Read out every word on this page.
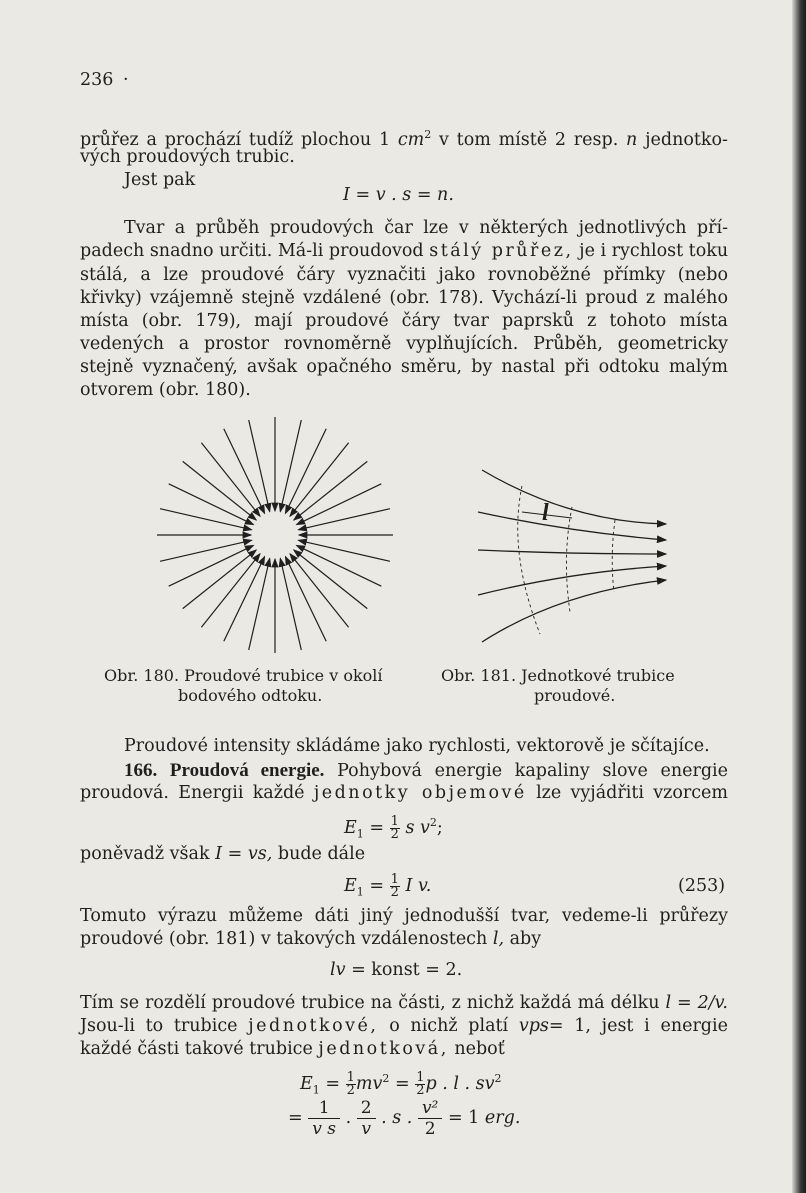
236 ·
průřez a prochází tudíž plochou 1 $cm^2$ v tom místě 2 resp. n jednotko-
vých proudových trubic.
Jest pak
I = v . s = n.
Tvar a průběh proudových čar lze v některých jednotlivých pří-
padech snadno určiti. Má-li proudovod stálý průřez, je i rychlost toku
stálá, a lze proudové čáry vyznačiti jako rovnoběžné přímky (nebo
křivky) vzájemně stejně vzdálené (obr. 178). Vychází-li proud z malého
místa (obr. 179), mají proudové čáry tvar paprsků z tohoto místa
vedených a prostor rovnoměrně vyplňujících. Průběh, geometricky
stejně vyznačený, avšak opačného směru, by nastal při odtoku malým
otvorem (obr. 180).
l
Obr. 180. Proudové trubice v okolí
bodového odtoku.
Obr. 181. Jednotkové trubice
proudové.
Proudové intensity skládáme jako rychlosti, vektorově je sčítajíce.
166. Proudová energie. Pohybová energie kapaliny slove energie
proudová. Energii každé jednotky objemové lze vyjádřiti vzorcem
$E_1 = \frac{1}{2}$ s $v^2$;
poněvadž však I = vs, bude dále
$E_1 = \frac{1}{2}$ I v.	(253)
Tomuto výrazu můžeme dáti jiný jednodušší tvar, vedeme-li průřezy
proudové (obr. 181) v takových vzdálenostech l, aby
lv = konst = 2.
Tím se rozdělí proudové trubice na části, z nichž každá má délku l = 2/v.
Jsou-li to trubice jednotkové, o nichž platí vps= 1, jest i energie
každé části takové trubice jednotková, neboť
$E_1 = \frac{1}{2} mv^2 = \frac{1}{2}$ p . l . $sv^2$
= $\frac{1}{\text{v s}}$ . $\frac{2}{v}$ . s . $\frac{\text{v²}}{2} = 1$ erg.
